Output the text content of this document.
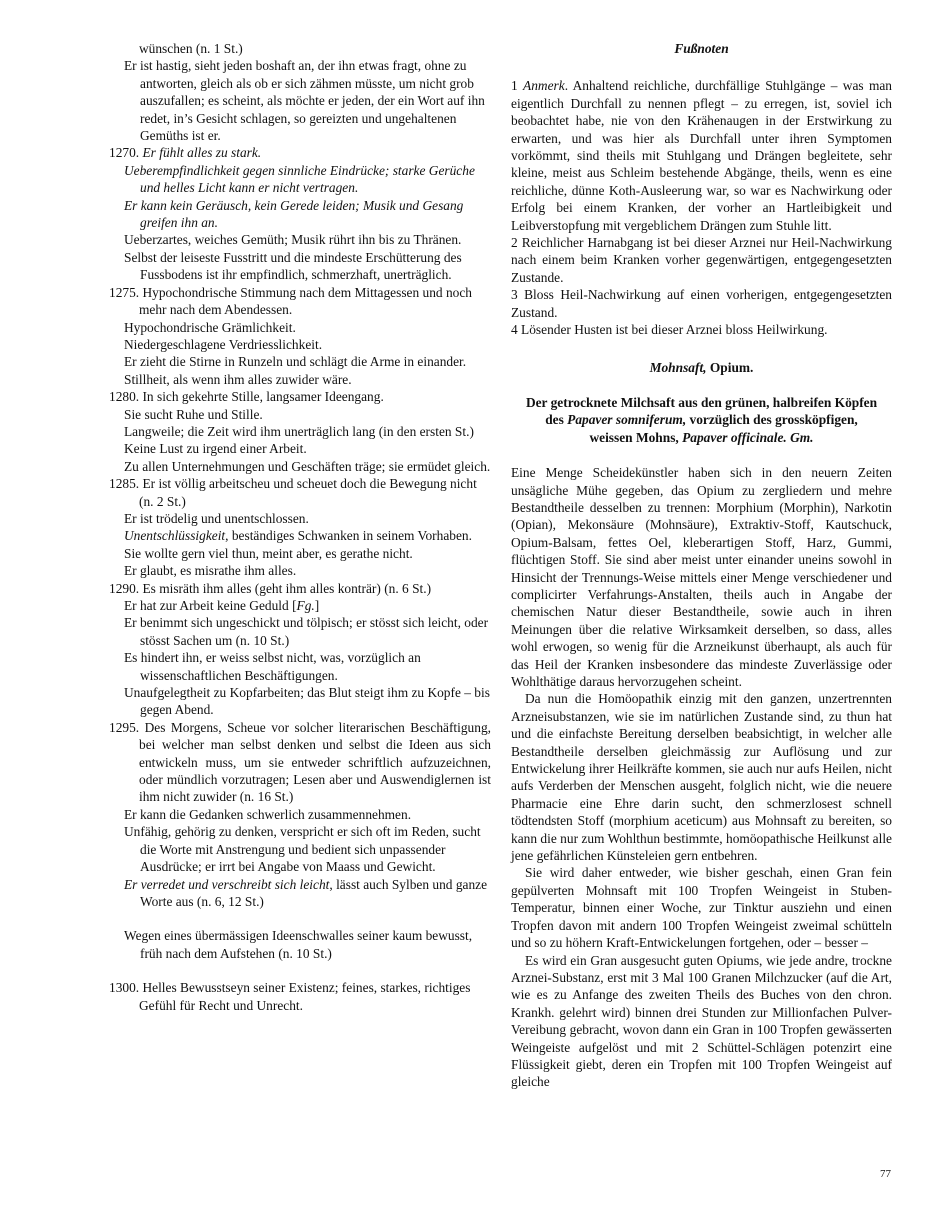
wünschen (n. 1 St.)

Er ist hastig, sieht jeden boshaft an, der ihn etwas fragt, ohne zu antworten, gleich als ob er sich zähmen müsste, um nicht grob auszufallen; es scheint, als möchte er jeden, der ein Wort auf ihn redet, in’s Gesicht schlagen, so gereizten und ungehaltenen Gemüths ist er.

1270. Er fühlt alles zu stark.

Ueberempfindlichkeit gegen sinnliche Eindrücke; starke Gerüche und helles Licht kann er nicht vertragen.

Er kann kein Geräusch, kein Gerede leiden; Musik und Gesang greifen ihn an.

Ueberzartes, weiches Gemüth; Musik rührt ihn bis zu Thränen.

Selbst der leiseste Fusstritt und die mindeste Erschütterung des Fussbodens ist ihr empfindlich, schmerzhaft, unerträglich.

1275. Hypochondrische Stimmung nach dem Mittagessen und noch mehr nach dem Abendessen.

Hypochondrische Grämlichkeit.

Niedergeschlagene Verdriesslichkeit.

Er zieht die Stirne in Runzeln und schlägt die Arme in einander.

Stillheit, als wenn ihm alles zuwider wäre.

1280. In sich gekehrte Stille, langsamer Ideengang.

Sie sucht Ruhe und Stille.

Langweile; die Zeit wird ihm unerträglich lang (in den ersten St.)

Keine Lust zu irgend einer Arbeit.

Zu allen Unternehmungen und Geschäften träge; sie ermüdet gleich.

1285. Er ist völlig arbeitscheu und scheuet doch die Bewegung nicht (n. 2 St.)

Er ist trödelig und unentschlossen.

Unentschlüssigkeit, beständiges Schwanken in seinem Vorhaben.

Sie wollte gern viel thun, meint aber, es gerathe nicht.

Er glaubt, es misrathe ihm alles.

1290. Es misräth ihm alles (geht ihm alles konträr) (n. 6 St.)

Er hat zur Arbeit keine Geduld [Fg.]

Er benimmt sich ungeschickt und tölpisch; er stösst sich leicht, oder stösst Sachen um (n. 10 St.)

Es hindert ihn, er weiss selbst nicht, was, vorzüglich an wissenschaftlichen Beschäftigungen.

Unaufgelegtheit zu Kopfarbeiten; das Blut steigt ihm zu Kopfe – bis gegen Abend.

1295. Des Morgens, Scheue vor solcher literarischen Beschäftigung, bei welcher man selbst denken und selbst die Ideen aus sich entwickeln muss, um sie entweder schriftlich aufzuzeichnen, oder mündlich vorzutragen; Lesen aber und Auswendiglernen ist ihm nicht zuwider (n. 16 St.)

Er kann die Gedanken schwerlich zusammennehmen.

Unfähig, gehörig zu denken, verspricht er sich oft im Reden, sucht die Worte mit Anstrengung und bedient sich unpassender Ausdrücke; er irrt bei Angabe von Maass und Gewicht.

Er verredet und verschreibt sich leicht, lässt auch Sylben und ganze Worte aus (n. 6, 12 St.)

Wegen eines übermässigen Ideenschwalles seiner kaum bewusst, früh nach dem Aufstehen (n. 10 St.)

1300. Helles Bewusstseyn seiner Existenz; feines, starkes, richtiges Gefühl für Recht und Unrecht.

Fußnoten

1 Anmerk. Anhaltend reichliche, durchfällige Stuhlgänge – was man eigentlich Durchfall zu nennen pflegt – zu erregen, ist, soviel ich beobachtet habe, nie von den Krähenaugen in der Erstwirkung zu erwarten, und was hier als Durchfall unter ihren Symptomen vorkömmt, sind theils mit Stuhlgang und Drängen begleitete, sehr kleine, meist aus Schleim bestehende Abgänge, theils, wenn es eine reichliche, dünne Koth-Ausleerung war, so war es Nachwirkung oder Erfolg bei einem Kranken, der vorher an Hartleibigkeit und Leibverstopfung mit vergeblichem Drängen zum Stuhle litt.

2 Reichlicher Harnabgang ist bei dieser Arznei nur Heil-Nachwirkung nach einem beim Kranken vorher gegenwärtigen, entgegengesetzten Zustande.

3 Bloss Heil-Nachwirkung auf einen vorherigen, entgegengesetzten Zustand.

4 Lösender Husten ist bei dieser Arznei bloss Heilwirkung.

Mohnsaft, Opium.

Der getrocknete Milchsaft aus den grünen, halbreifen Köpfen des Papaver somniferum, vorzüglich des grossköpfigen, weissen Mohns, Papaver officinale. Gm.

Eine Menge Scheidekünstler haben sich in den neuern Zeiten unsägliche Mühe gegeben, das Opium zu zergliedern und mehre Bestandtheile desselben zu trennen: Morphium (Morphin), Narkotin (Opian), Mekonsäure (Mohnsäure), Extraktiv-Stoff, Kautschuck, Opium-Balsam, fettes Oel, kleberartigen Stoff, Harz, Gummi, flüchtigen Stoff. Sie sind aber meist unter einander uneins sowohl in Hinsicht der Trennungs-Weise mittels einer Menge verschiedener und complicirter Verfahrungs-Anstalten, theils auch in Angabe der chemischen Natur dieser Bestandtheile, sowie auch in ihren Meinungen über die relative Wirksamkeit derselben, so dass, alles wohl erwogen, so wenig für die Arzneikunst überhaupt, als auch für das Heil der Kranken insbesondere das mindeste Zuverlässige oder Wohlthätige daraus hervorzugehen scheint.

Da nun die Homöopathik einzig mit den ganzen, unzertrennten Arzneisubstanzen, wie sie im natürlichen Zustande sind, zu thun hat und die einfachste Bereitung derselben beabsichtigt, in welcher alle Bestandtheile derselben gleichmässig zur Auflösung und zur Entwickelung ihrer Heilkräfte kommen, sie auch nur aufs Heilen, nicht aufs Verderben der Menschen ausgeht, folglich nicht, wie die neuere Pharmacie eine Ehre darin sucht, den schmerzlosest schnell tödtendsten Stoff (morphium aceticum) aus Mohnsaft zu bereiten, so kann die nur zum Wohlthun bestimmte, homöopathische Heilkunst alle jene gefährlichen Künsteleien gern entbehren.

Sie wird daher entweder, wie bisher geschah, einen Gran fein gepülverten Mohnsaft mit 100 Tropfen Weingeist in Stuben-Temperatur, binnen einer Woche, zur Tinktur ausziehn und einen Tropfen davon mit andern 100 Tropfen Weingeist zweimal schütteln und so zu höhern Kraft-Entwickelungen fortgehen, oder – besser –

Es wird ein Gran ausgesucht guten Opiums, wie jede andre, trockne Arznei-Substanz, erst mit 3 Mal 100 Granen Milchzucker (auf die Art, wie es zu Anfange des zweiten Theils des Buches von den chron. Krankh. gelehrt wird) binnen drei Stunden zur Millionfachen Pulver-Vereibung gebracht, wovon dann ein Gran in 100 Tropfen gewässerten Weingeiste aufgelöst und mit 2 Schüttel-Schlägen potenzirt eine Flüssigkeit giebt, deren ein Tropfen mit 100 Tropfen Weingeist auf gleiche

77
